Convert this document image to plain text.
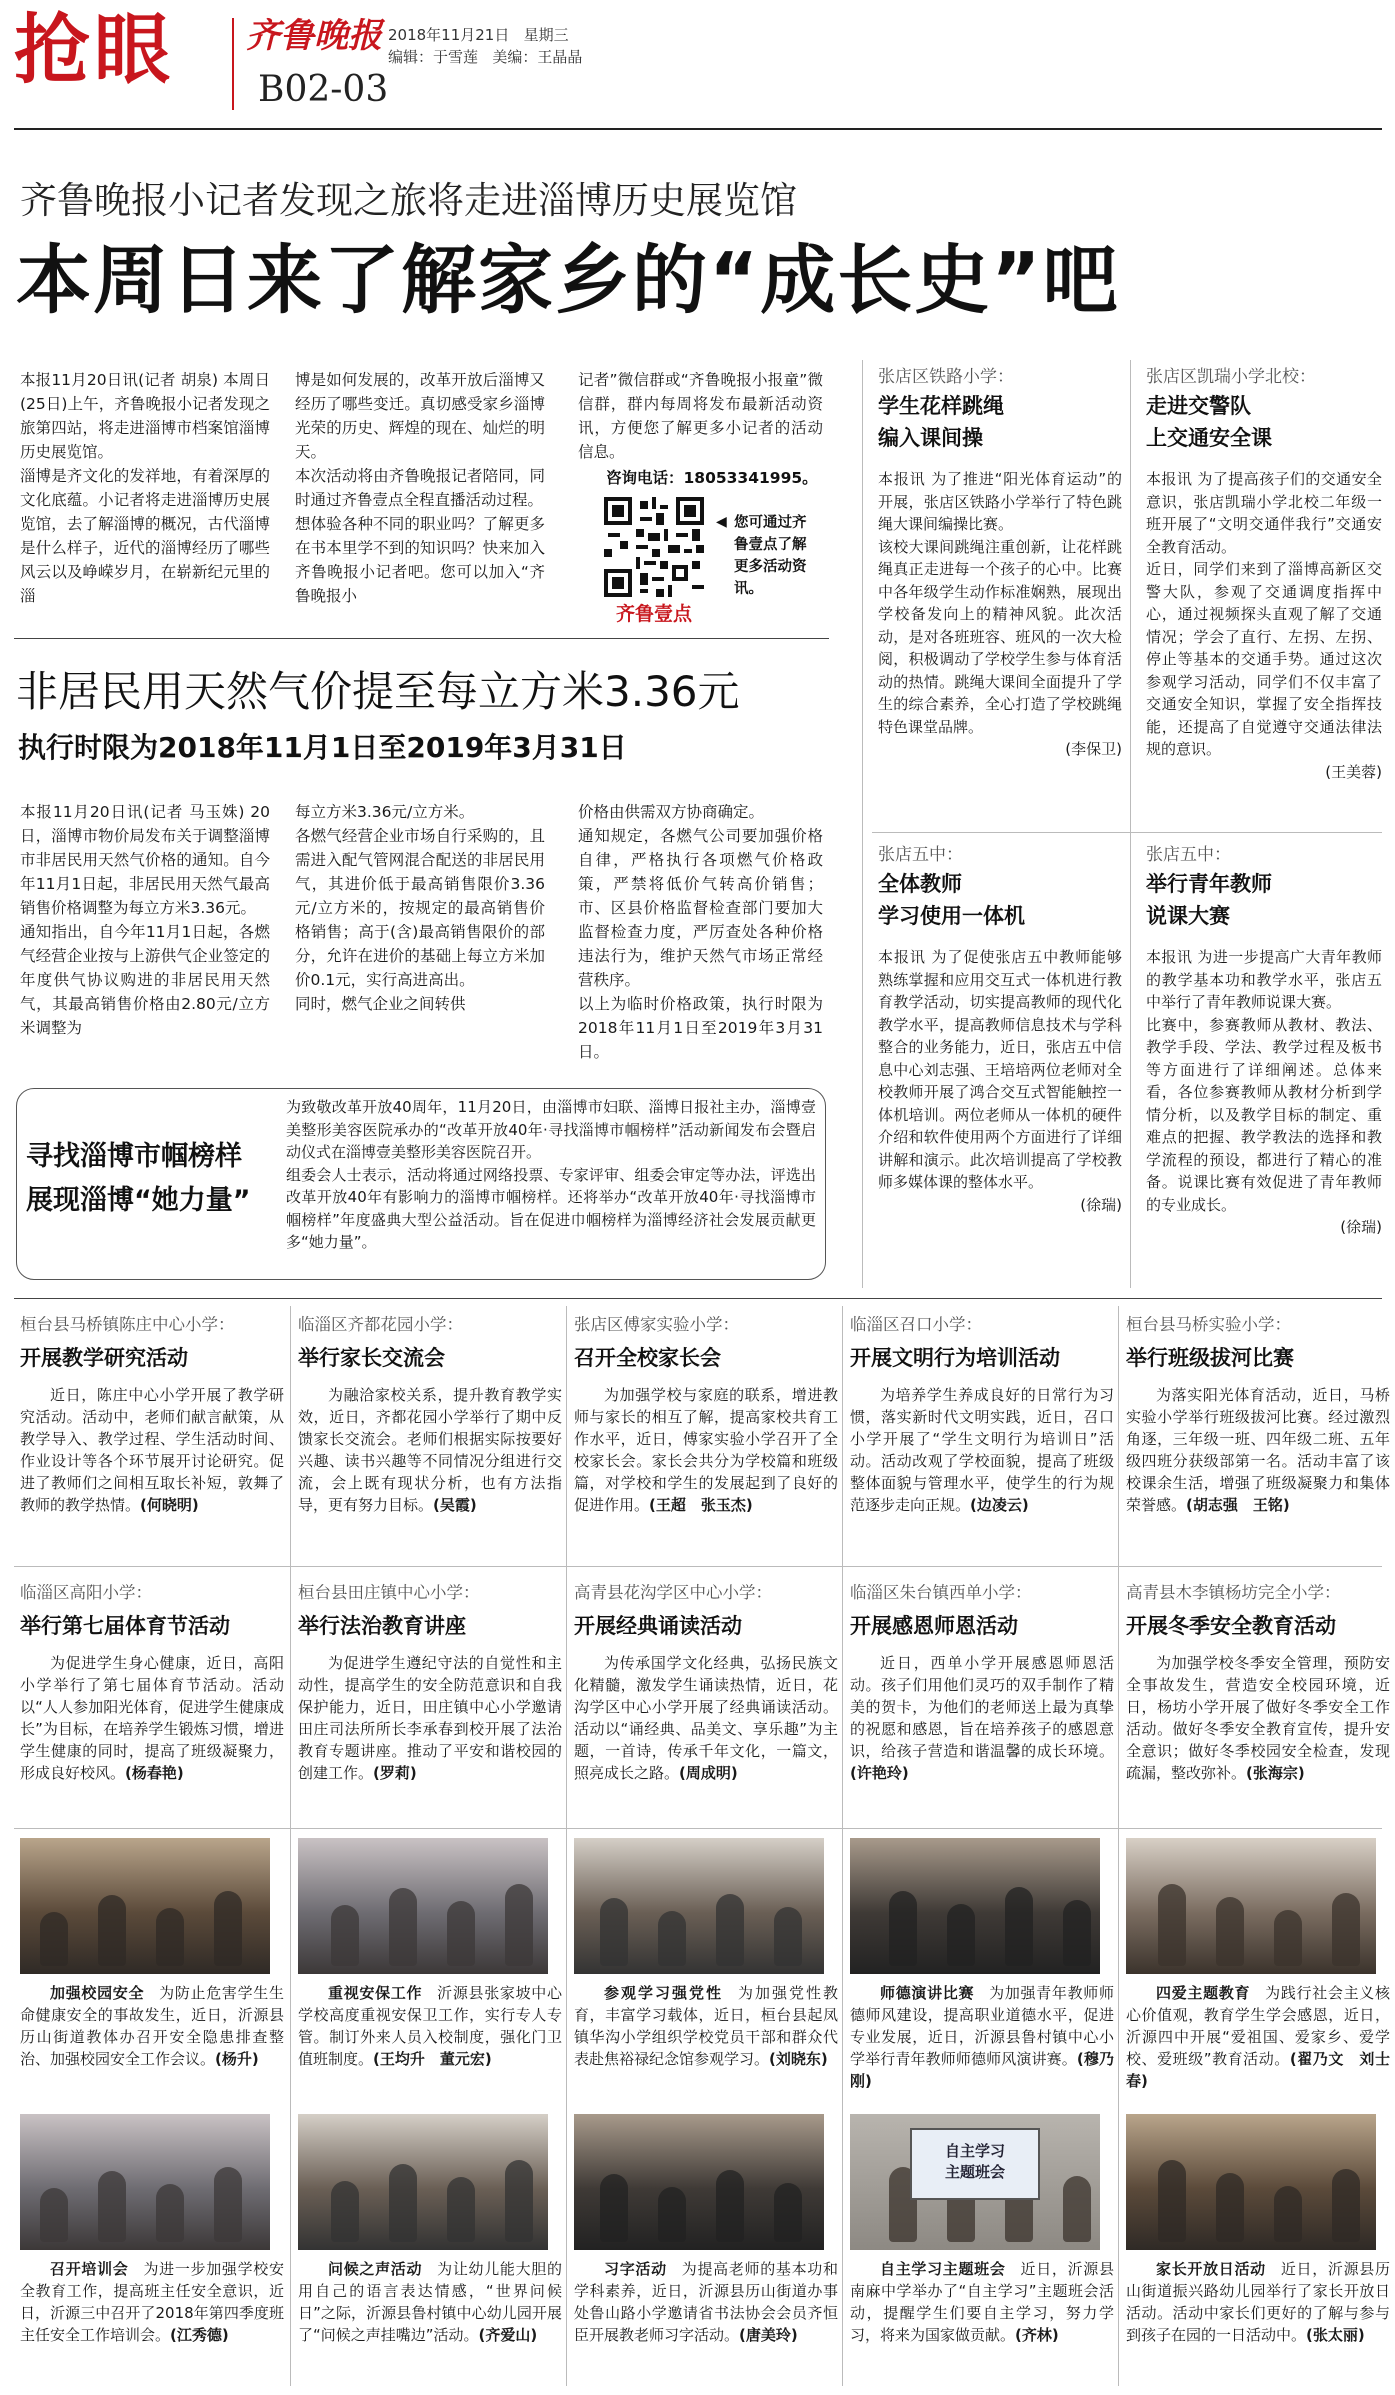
抢眼 齐鲁晚报
B02-03
2018年11月21日 星期三
编辑：于雪莲 美编：王晶晶
齐鲁晚报小记者发现之旅将走进淄博历史展览馆
本周日来了解家乡的“成长史”吧
本报11月20日讯(记者 胡泉) 本周日(25日)上午，齐鲁晚报小记者发现之旅第四站，将走进淄博市档案馆淄博历史展览馆。
淄博是齐文化的发祥地，有着深厚的文化底蕴。小记者将走进淄博历史展览馆，去了解淄博的概况，古代淄博是什么样子，近代的淄博经历了哪些风云以及峥嵘岁月，在崭新纪元里的淄
博是如何发展的，改革开放后淄博又经历了哪些变迁。真切感受家乡淄博光荣的历史、辉煌的现在、灿烂的明天。
本次活动将由齐鲁晚报记者陪同，同时通过齐鲁壹点全程直播活动过程。
想体验各种不同的职业吗？了解更多在书本里学不到的知识吗？快来加入齐鲁晚报小记者吧。您可以加入“齐鲁晚报小
记者”微信群或“齐鲁晚报小报童”微信群，群内每周将发布最新活动资讯，方便您了解更多小记者的活动信息。
咨询电话：18053341995。
齐鲁壹点
◀ 您可通过齐鲁壹点了解更多活动资讯。
非居民用天然气价提至每立方米3.36元
执行时限为2018年11月1日至2019年3月31日
本报11月20日讯(记者 马玉姝) 20日，淄博市物价局发布关于调整淄博市非居民用天然气价格的通知。自今年11月1日起，非居民用天然气最高销售价格调整为每立方米3.36元。
通知指出，自今年11月1日起，各燃气经营企业按与上游供气企业签定的年度供气协议购进的非居民用天然气，其最高销售价格由2.80元/立方米调整为
每立方米3.36元/立方米。
各燃气经营企业市场自行采购的，且需进入配气管网混合配送的非居民用气，其进价低于最高销售限价3.36元/立方米的，按规定的最高销售价格销售；高于(含)最高销售限价的部分，允许在进价的基础上每立方米加价0.1元，实行高进高出。
同时，燃气企业之间转供
价格由供需双方协商确定。
通知规定，各燃气公司要加强价格自律，严格执行各项燃气价格政策，严禁将低价气转高价销售；市、区县价格监督检查部门要加大监督检查力度，严厉查处各种价格违法行为，维护天然气市场正常经营秩序。
以上为临时价格政策，执行时限为2018年11月1日至2019年3月31日。
寻找淄博市帼榜样
展现淄博“她力量”
为致敬改革开放40周年，11月20日，由淄博市妇联、淄博日报社主办，淄博壹美整形美容医院承办的“改革开放40年·寻找淄博市帼榜样”活动新闻发布会暨启动仪式在淄博壹美整形美容医院召开。
组委会人士表示，活动将通过网络投票、专家评审、组委会审定等办法，评选出改革开放40年有影响力的淄博市帼榜样。还将举办“改革开放40年·寻找淄博市帼榜样”年度盛典大型公益活动。旨在促进巾帼榜样为淄博经济社会发展贡献更多“她力量”。
张店区铁路小学：
学生花样跳绳
编入课间操
本报讯 为了推进“阳光体育运动”的开展，张店区铁路小学举行了特色跳绳大课间编操比赛。
该校大课间跳绳注重创新，让花样跳绳真正走进每一个孩子的心中。比赛中各年级学生动作标准娴熟，展现出学校备发向上的精神风貌。此次活动，是对各班班容、班风的一次大检阅，积极调动了学校学生参与体育活动的热情。跳绳大课间全面提升了学生的综合素养，全心打造了学校跳绳特色课堂品牌。
(李保卫)
张店区凯瑞小学北校：
走进交警队
上交通安全课
本报讯 为了提高孩子们的交通安全意识，张店凯瑞小学北校二年级一班开展了“文明交通伴我行”交通安全教育活动。
近日，同学们来到了淄博高新区交警大队，参观了交通调度指挥中心，通过视频探头直观了解了交通情况；学会了直行、左拐、左拐、停止等基本的交通手势。通过这次参观学习活动，同学们不仅丰富了交通安全知识，掌握了安全指挥技能，还提高了自觉遵守交通法律法规的意识。
(王美蓉)
张店五中：
全体教师
学习使用一体机
本报讯 为了促使张店五中教师能够熟练掌握和应用交互式一体机进行教育教学活动，切实提高教师的现代化教学水平，提高教师信息技术与学科整合的业务能力，近日，张店五中信息中心刘志强、王培培两位老师对全校教师开展了鸿合交互式智能触控一体机培训。两位老师从一体机的硬件介绍和软件使用两个方面进行了详细讲解和演示。此次培训提高了学校教师多媒体课的整体水平。
(徐瑞)
张店五中：
举行青年教师
说课大赛
本报讯 为进一步提高广大青年教师的教学基本功和教学水平，张店五中举行了青年教师说课大赛。
比赛中，参赛教师从教材、教法、教学手段、学法、教学过程及板书等方面进行了详细阐述。总体来看，各位参赛教师从教材分析到学情分析，以及教学目标的制定、重难点的把握、教学教法的选择和教学流程的预设，都进行了精心的准备。说课比赛有效促进了青年教师的专业成长。
(徐瑞)
桓台县马桥镇陈庄中心小学：
开展教学研究活动
近日，陈庄中心小学开展了教学研究活动。活动中，老师们献言献策，从教学导入、教学过程、学生活动时间、作业设计等各个环节展开讨论研究。促进了教师们之间相互取长补短，敦舞了教师的教学热情。(何晓明)
临淄区齐都花园小学：
举行家长交流会
为融洽家校关系，提升教育教学实效，近日，齐都花园小学举行了期中反馈家长交流会。老师们根据实际按要好兴趣、读书兴趣等不同情况分组进行交流，会上既有现状分析，也有方法指导，更有努力目标。(吴霞)
张店区傅家实验小学：
召开全校家长会
为加强学校与家庭的联系，增进教师与家长的相互了解，提高家校共育工作水平，近日，傅家实验小学召开了全校家长会。家长会共分为学校篇和班级篇，对学校和学生的发展起到了良好的促进作用。(王超　张玉杰)
临淄区召口小学：
开展文明行为培训活动
为培养学生养成良好的日常行为习惯，落实新时代文明实践，近日，召口小学开展了“学生文明行为培训日”活动。活动改观了学校面貌，提高了班级整体面貌与管理水平，使学生的行为规范逐步走向正规。(边凌云)
桓台县马桥实验小学：
举行班级拔河比赛
为落实阳光体育活动，近日，马桥实验小学举行班级拔河比赛。经过激烈角逐，三年级一班、四年级二班、五年级四班分获级部第一名。活动丰富了该校课余生活，增强了班级凝聚力和集体荣誉感。(胡志强　王铭)
临淄区高阳小学：
举行第七届体育节活动
为促进学生身心健康，近日，高阳小学举行了第七届体育节活动。活动以“人人参加阳光体育，促进学生健康成长”为目标，在培养学生锻炼习惯，增进学生健康的同时，提高了班级凝聚力，形成良好校风。(杨春艳)
桓台县田庄镇中心小学：
举行法治教育讲座
为促进学生遵纪守法的自觉性和主动性，提高学生的安全防范意识和自我保护能力，近日，田庄镇中心小学邀请田庄司法所所长李承春到校开展了法治教育专题讲座。推动了平安和谐校园的创建工作。(罗莉)
高青县花沟学区中心小学：
开展经典诵读活动
为传承国学文化经典，弘扬民族文化精髓，激发学生诵读热情，近日，花沟学区中心小学开展了经典诵读活动。活动以“诵经典、品美文、享乐趣”为主题，一首诗，传承千年文化，一篇文，照亮成长之路。(周成明)
临淄区朱台镇西单小学：
开展感恩师恩活动
近日，西单小学开展感恩师恩活动。孩子们用他们灵巧的双手制作了精美的贺卡，为他们的老师送上最为真挚的祝愿和感恩，旨在培养孩子的感恩意识，给孩子营造和谐温馨的成长环境。(许艳玲)
高青县木李镇杨坊完全小学：
开展冬季安全教育活动
为加强学校冬季安全管理，预防安全事故发生，营造安全校园环境，近日，杨坊小学开展了做好冬季安全工作活动。做好冬季安全教育宣传，提升安全意识；做好冬季校园安全检查，发现疏漏，整改弥补。(张海宗)
加强校园安全 为防止危害学生生命健康安全的事故发生，近日，沂源县历山街道教体办召开安全隐患排查整治、加强校园安全工作会议。(杨升)
重视安保工作 沂源县张家坡中心学校高度重视安保卫工作，实行专人专管。制订外来人员入校制度，强化门卫值班制度。(王均升　董元宏)
参观学习强党性 为加强党性教育，丰富学习载体，近日，桓台县起凤镇华沟小学组织学校党员干部和群众代表赴焦裕禄纪念馆参观学习。(刘晓东)
师德演讲比赛 为加强青年教师师德师风建设，提高职业道德水平，促进专业发展，近日，沂源县鲁村镇中心小学举行青年教师师德师风演讲赛。(穆乃刚)
四爱主题教育 为践行社会主义核心价值观，教育学生学会感恩，近日，沂源四中开展“爱祖国、爱家乡、爱学校、爱班级”教育活动。(翟乃文　刘士春)
召开培训会 为进一步加强学校安全教育工作，提高班主任安全意识，近日，沂源三中召开了2018年第四季度班主任安全工作培训会。(江秀德)
问候之声活动 为让幼儿能大胆的用自己的语言表达情感，“世界问候日”之际，沂源县鲁村镇中心幼儿园开展了“问候之声挂嘴边”活动。(齐爱山)
习字活动 为提高老师的基本功和学科素养，近日，沂源县历山街道办事处鲁山路小学邀请省书法协会会员齐恒臣开展教老师习字活动。(唐美玲)
自主学习
主题班会
自主学习主题班会 近日，沂源县南麻中学举办了“自主学习”主题班会活动，提醒学生们要自主学习，努力学习，将来为国家做贡献。(齐林)
家长开放日活动 近日，沂源县历山街道振兴路幼儿园举行了家长开放日活动。活动中家长们更好的了解与参与到孩子在园的一日活动中。(张太丽)
